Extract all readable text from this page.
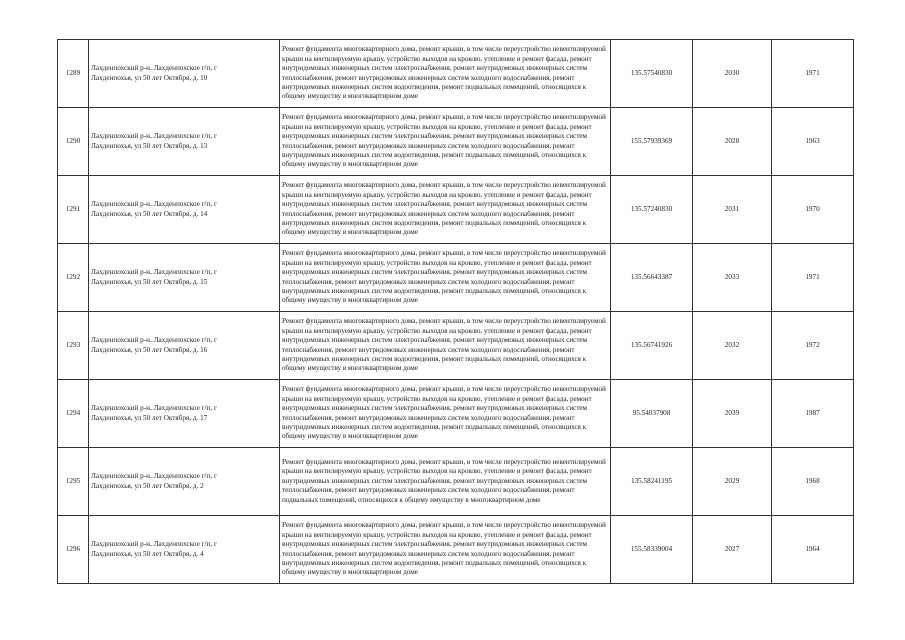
1289	Лахденпохский р-н, Лахденпохское г/п, г
Лахденпохья, ул 50 лет Октября, д. 10	Ремонт фундамента многоквартирного дома, ремонт крыши, в том числе переустройство невентилируемой крыши на вентилируемую крышу, устройство выходов на кровлю, утепление и ремонт фасада, ремонт внутридомовых инженерных систем электроснабжения, ремонт внутридомовых инженерных систем теплоснабжения, ремонт внутридомовых инженерных систем холодного водоснабжения, ремонт внутридомовых инженерных систем водоотведения, ремонт подвальных помещений, относящихся к общему имуществу в многоквартирном доме	135.57540830	2030	1971
1290	Лахденпохский р-н, Лахденпохское г/п, г
Лахденпохья, ул 50 лет Октября, д. 13	Ремонт фундамента многоквартирного дома, ремонт крыши, в том числе переустройство невентилируемой крыши на вентилируемую крышу, устройство выходов на кровлю, утепление и ремонт фасада, ремонт внутридомовых инженерных систем электроснабжения, ремонт внутридомовых инженерных систем теплоснабжения, ремонт внутридомовых инженерных систем холодного водоснабжения, ремонт внутридомовых инженерных систем водоотведения, ремонт подвальных помещений, относящихся к общему имуществу в многоквартирном доме	155.57939369	2028	1963
1291	Лахденпохский р-н, Лахденпохское г/п, г
Лахденпохья, ул 50 лет Октября, д. 14	Ремонт фундамента многоквартирного дома, ремонт крыши, в том числе переустройство невентилируемой крыши на вентилируемую крышу, устройство выходов на кровлю, утепление и ремонт фасада, ремонт внутридомовых инженерных систем электроснабжения, ремонт внутридомовых инженерных систем теплоснабжения, ремонт внутридомовых инженерных систем холодного водоснабжения, ремонт внутридомовых инженерных систем водоотведения, ремонт подвальных помещений, относящихся к общему имуществу в многоквартирном доме	135.57240830	2031	1970
1292	Лахденпохский р-н, Лахденпохское г/п, г
Лахденпохья, ул 50 лет Октября, д. 15	Ремонт фундамента многоквартирного дома, ремонт крыши, в том числе переустройство невентилируемой крыши на вентилируемую крышу, устройство выходов на кровлю, утепление и ремонт фасада, ремонт внутридомовых инженерных систем электроснабжения, ремонт внутридомовых инженерных систем теплоснабжения, ремонт внутридомовых инженерных систем холодного водоснабжения, ремонт внутридомовых инженерных систем водоотведения, ремонт подвальных помещений, относящихся к общему имуществу в многоквартирном доме	135.56643387	2033	1971
1293	Лахденпохский р-н, Лахденпохское г/п, г
Лахденпохья, ул 50 лет Октября, д. 16	Ремонт фундамента многоквартирного дома, ремонт крыши, в том числе переустройство невентилируемой крыши на вентилируемую крышу, устройство выходов на кровлю, утепление и ремонт фасада, ремонт внутридомовых инженерных систем электроснабжения, ремонт внутридомовых инженерных систем теплоснабжения, ремонт внутридомовых инженерных систем холодного водоснабжения, ремонт внутридомовых инженерных систем водоотведения, ремонт подвальных помещений, относящихся к общему имуществу в многоквартирном доме	135.56741926	2032	1972
1294	Лахденпохский р-н, Лахденпохское г/п, г
Лахденпохья, ул 50 лет Октября, д. 17	Ремонт фундамента многоквартирного дома, ремонт крыши, в том числе переустройство невентилируемой крыши на вентилируемую крышу, устройство выходов на кровлю, утепление и ремонт фасада, ремонт внутридомовых инженерных систем электроснабжения, ремонт внутридомовых инженерных систем теплоснабжения, ремонт внутридомовых инженерных систем холодного водоснабжения, ремонт внутридомовых инженерных систем водоотведения, ремонт подвальных помещений, относящихся к общему имуществу в многоквартирном доме	95.54037908	2039	1987
1295	Лахденпохский р-н, Лахденпохское г/п, г
Лахденпохья, ул 50 лет Октября, д. 2	Ремонт фундамента многоквартирного дома, ремонт крыши, в том числе переустройство невентилируемой крыши на вентилируемую крышу, устройство выходов на кровлю, утепление и ремонт фасада, ремонт внутридомовых инженерных систем электроснабжения, ремонт внутридомовых инженерных систем теплоснабжения, ремонт внутридомовых инженерных систем холодного водоснабжения, ремонт подвальных помещений, относящихся к общему имуществу в многоквартирном доме	135.58241195	2029	1968
1296	Лахденпохский р-н, Лахденпохское г/п, г
Лахденпохья, ул 50 лет Октября, д. 4	Ремонт фундамента многоквартирного дома, ремонт крыши, в том числе переустройство невентилируемой крыши на вентилируемую крышу, устройство выходов на кровлю, утепление и ремонт фасада, ремонт внутридомовых инженерных систем электроснабжения, ремонт внутридомовых инженерных систем теплоснабжения, ремонт внутридомовых инженерных систем холодного водоснабжения, ремонт внутридомовых инженерных систем водоотведения, ремонт подвальных помещений, относящихся к общему имуществу в многоквартирном доме	155.58339004	2027	1964
